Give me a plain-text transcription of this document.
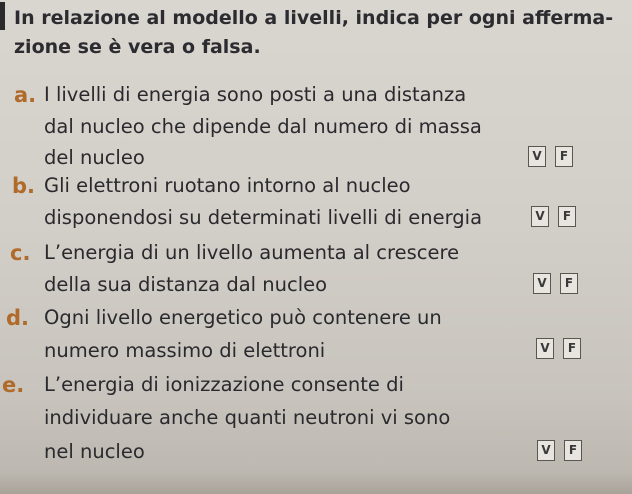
In relazione al modello a livelli, indica per ogni afferma-
zione se è vera o falsa.
a. I livelli di energia sono posti a una distanza
dal nucleo che dipende dal numero di massa
del nucleo	V	F
b. Gli elettroni ruotano intorno al nucleo
disponendosi su determinati livelli di energia	V	F
c. L’energia di un livello aumenta al crescere
della sua distanza dal nucleo	V	F
d. Ogni livello energetico può contenere un
numero massimo di elettroni	V	F
e. L’energia di ionizzazione consente di
individuare anche quanti neutroni vi sono
nel nucleo	V	F
